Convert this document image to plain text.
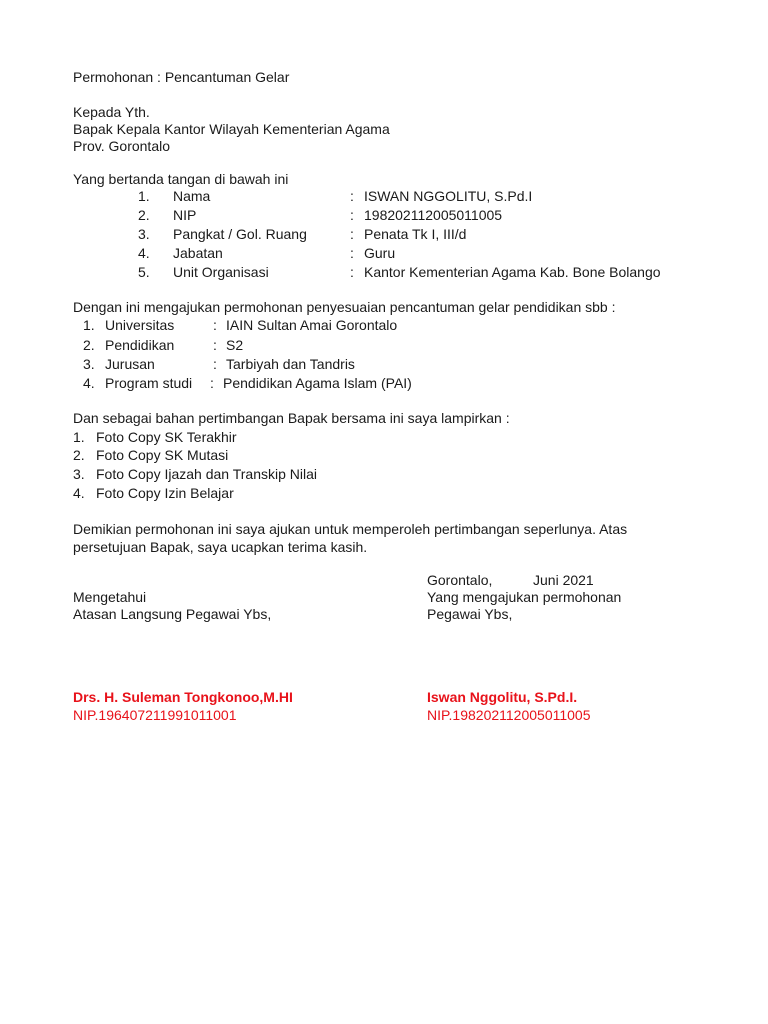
Permohonan : Pencantuman Gelar
Kepada Yth.
Bapak Kepala Kantor Wilayah Kementerian Agama
Prov. Gorontalo
Yang bertanda tangan di bawah ini
1. Nama	: ISWAN NGGOLITU, S.Pd.I
2. NIP	: 198202112005011005
3. Pangkat / Gol. Ruang	: Penata Tk I, III/d
4. Jabatan	: Guru
5. Unit Organisasi	: Kantor Kementerian Agama Kab. Bone Bolango
Dengan ini mengajukan permohonan penyesuaian pencantuman gelar pendidikan sbb :
1. Universitas	: IAIN Sultan Amai Gorontalo
2. Pendidikan	: S2
3. Jurusan	: Tarbiyah dan Tandris
4. Program studi : Pendidikan Agama Islam (PAI)
Dan sebagai bahan pertimbangan Bapak bersama ini saya lampirkan :
1. Foto Copy SK Terakhir
2. Foto Copy SK Mutasi
3. Foto Copy Ijazah dan Transkip Nilai
4. Foto Copy Izin Belajar
Demikian permohonan ini saya ajukan untuk memperoleh pertimbangan seperlunya. Atas
persetujuan Bapak, saya ucapkan terima kasih.
Gorontalo,	Juni 2021
Mengetahui
Atasan Langsung Pegawai Ybs,
Yang mengajukan permohonan
Pegawai Ybs,
Drs. H. Suleman Tongkonoo,M.HI
NIP.196407211991011001
Iswan Nggolitu, S.Pd.I.
NIP.198202112005011005
